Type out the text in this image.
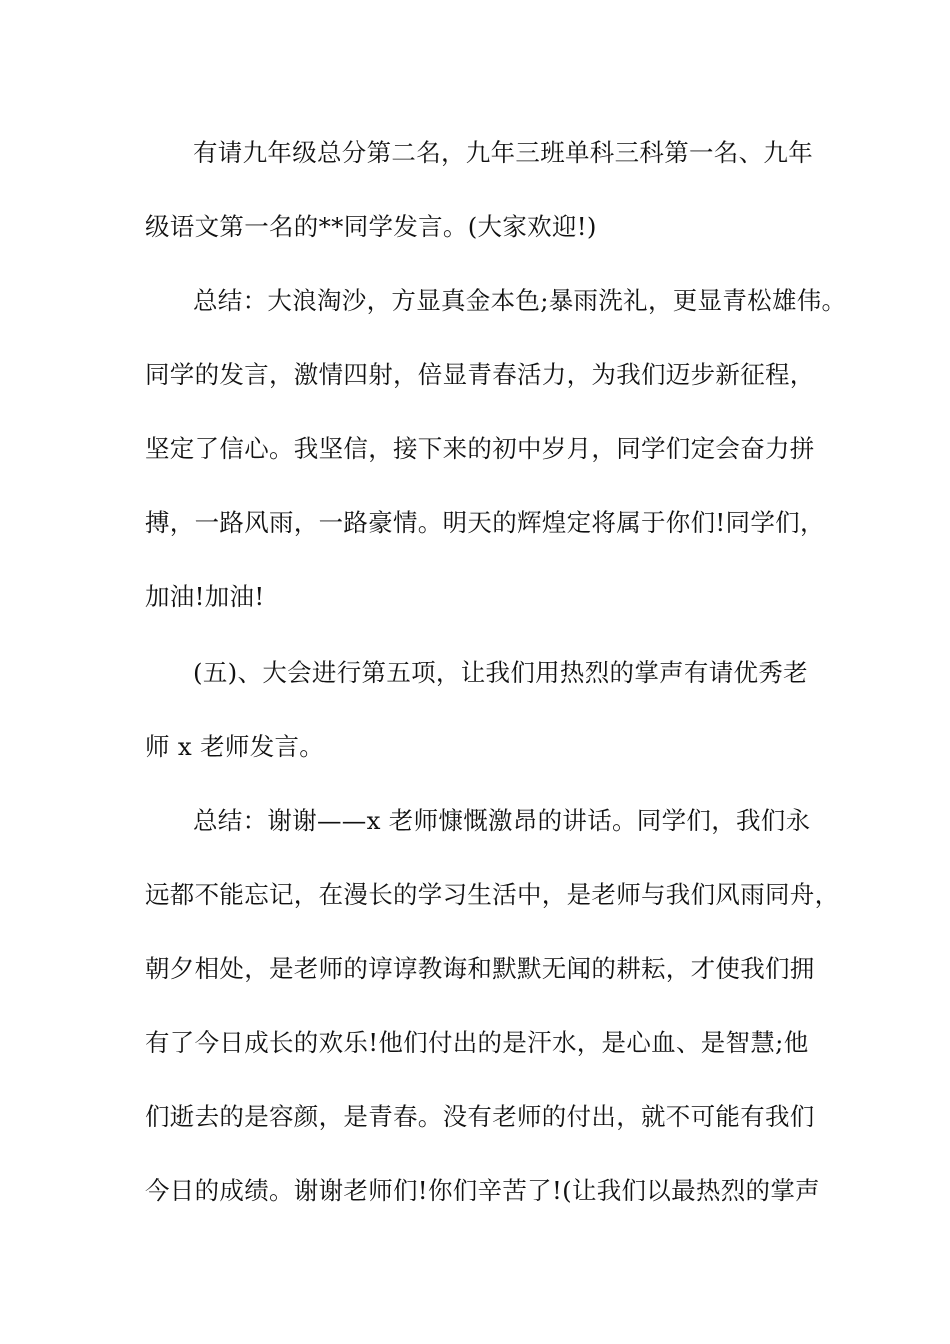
有请九年级总分第二名，九年三班单科三科第一名、九年
级语文第一名的**同学发言。(大家欢迎!)
总结：大浪淘沙，方显真金本色;暴雨洗礼，更显青松雄伟。
同学的发言，激情四射，倍显青春活力，为我们迈步新征程，
坚定了信心。我坚信，接下来的初中岁月，同学们定会奋力拼
搏，一路风雨，一路豪情。明天的辉煌定将属于你们!同学们，
加油!加油!
(五)、大会进行第五项，让我们用热烈的掌声有请优秀老
师 x 老师发言。
总结：谢谢——x 老师慷慨激昂的讲话。同学们，我们永
远都不能忘记，在漫长的学习生活中，是老师与我们风雨同舟，
朝夕相处，是老师的谆谆教诲和默默无闻的耕耘，才使我们拥
有了今日成长的欢乐!他们付出的是汗水，是心血、是智慧;他
们逝去的是容颜，是青春。没有老师的付出，就不可能有我们
今日的成绩。谢谢老师们!你们辛苦了!(让我们以最热烈的掌声
